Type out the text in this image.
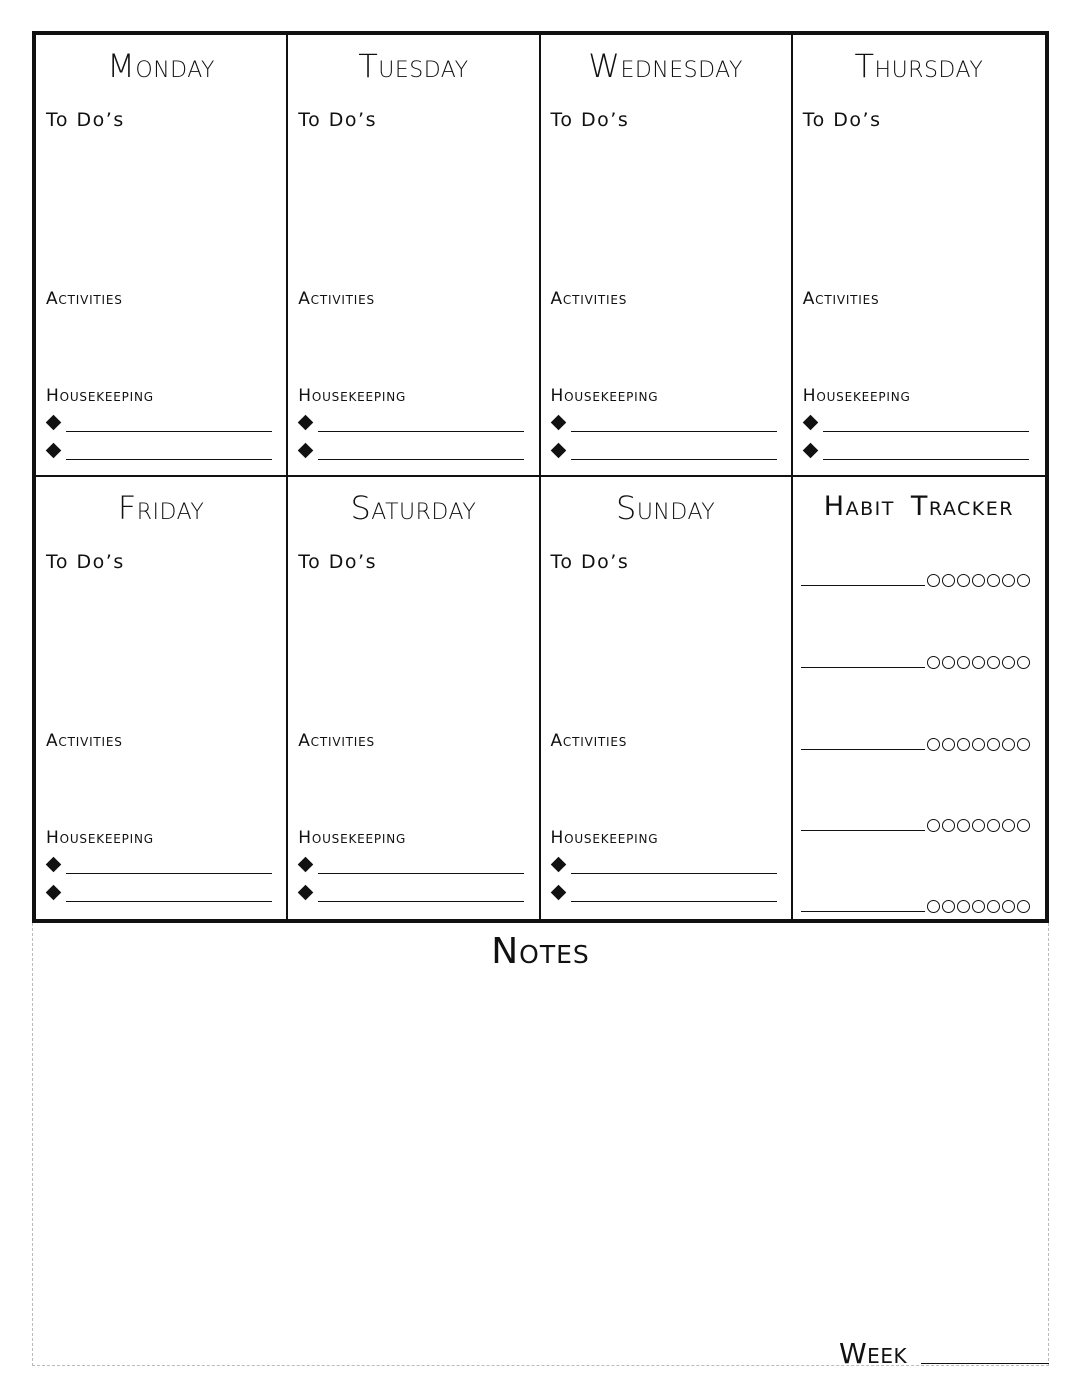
Monday
To Do’s
Activities
Housekeeping
Tuesday
To Do’s
Activities
Housekeeping
Wednesday
To Do’s
Activities
Housekeeping
Thursday
To Do’s
Activities
Housekeeping
Friday
To Do’s
Activities
Housekeeping
Saturday
To Do’s
Activities
Housekeeping
Sunday
To Do’s
Activities
Housekeeping
Habit Tracker
Notes
Week
